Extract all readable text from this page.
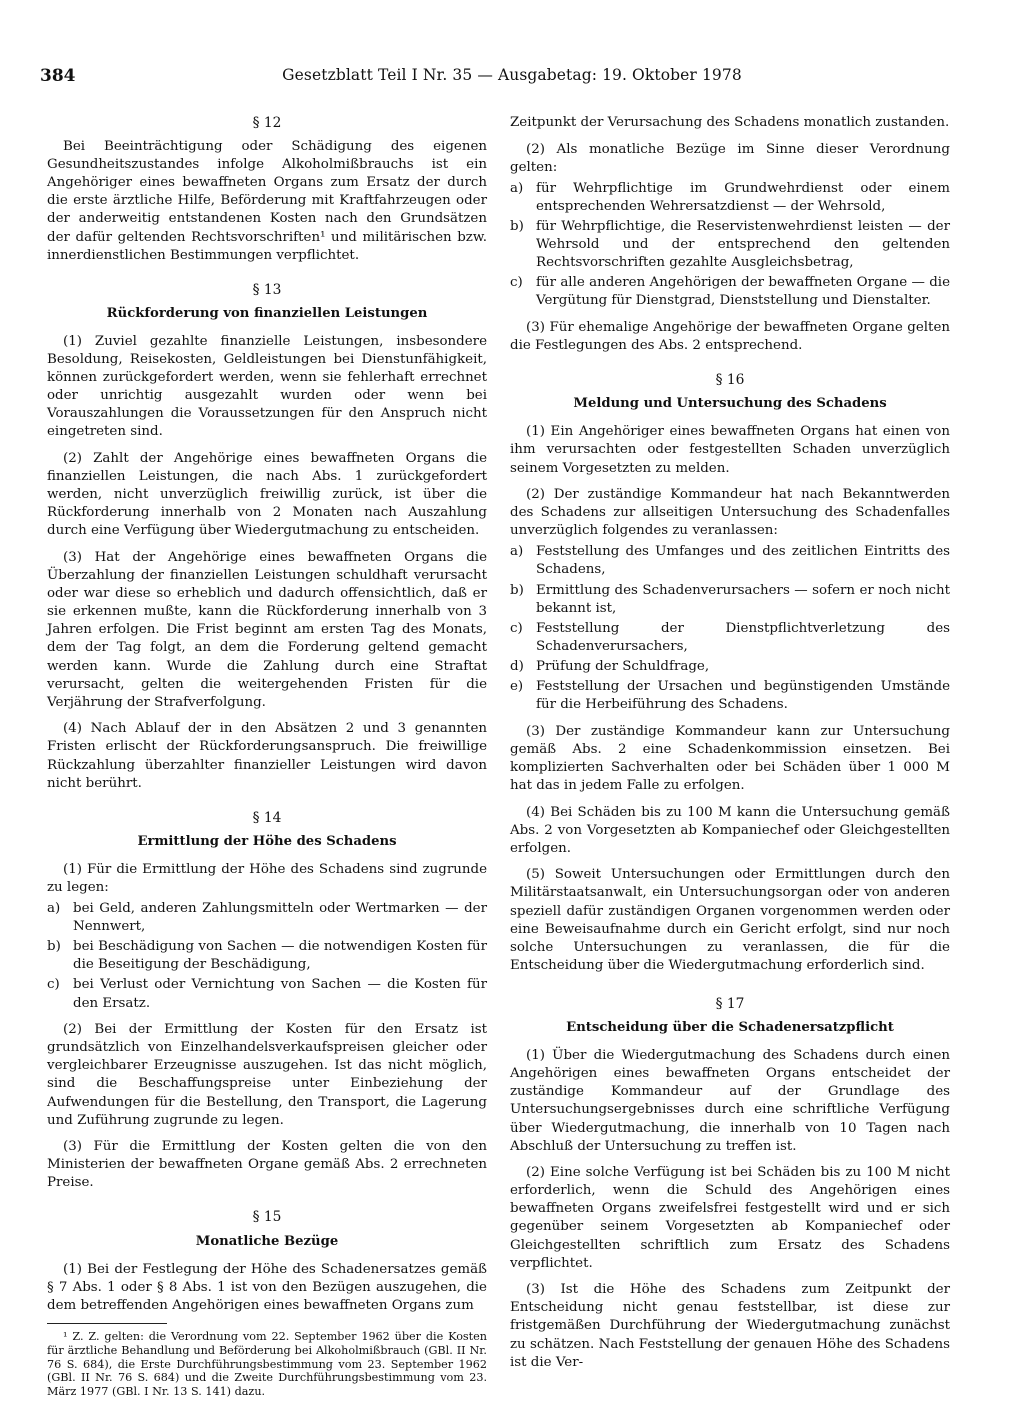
384	Gesetzblatt Teil I Nr. 35 — Ausgabetag: 19. Oktober 1978
§ 12

Bei Beeinträchtigung oder Schädigung des eigenen Gesundheitszustandes infolge Alkoholmißbrauchs ist ein Angehöriger eines bewaffneten Organs zum Ersatz der durch die erste ärztliche Hilfe, Beförderung mit Kraftfahrzeugen oder der anderweitig entstandenen Kosten nach den Grundsätzen der dafür geltenden Rechtsvorschriften¹ und militärischen bzw. innerdienstlichen Bestimmungen verpflichtet.

§ 13
Rückforderung von finanziellen Leistungen

(1) Zuviel gezahlte finanzielle Leistungen, insbesondere Besoldung, Reisekosten, Geldleistungen bei Dienstunfähigkeit, können zurückgefordert werden, wenn sie fehlerhaft errechnet oder unrichtig ausgezahlt wurden oder wenn bei Vorauszahlungen die Voraussetzungen für den Anspruch nicht eingetreten sind.

(2) Zahlt der Angehörige eines bewaffneten Organs die finanziellen Leistungen, die nach Abs. 1 zurückgefordert werden, nicht unverzüglich freiwillig zurück, ist über die Rückforderung innerhalb von 2 Monaten nach Auszahlung durch eine Verfügung über Wiedergutmachung zu entscheiden.

(3) Hat der Angehörige eines bewaffneten Organs die Überzahlung der finanziellen Leistungen schuldhaft verursacht oder war diese so erheblich und dadurch offensichtlich, daß er sie erkennen mußte, kann die Rückforderung innerhalb von 3 Jahren erfolgen. Die Frist beginnt am ersten Tag des Monats, dem der Tag folgt, an dem die Forderung geltend gemacht werden kann. Wurde die Zahlung durch eine Straftat verursacht, gelten die weitergehenden Fristen für die Verjährung der Strafverfolgung.

(4) Nach Ablauf der in den Absätzen 2 und 3 genannten Fristen erlischt der Rückforderungsanspruch. Die freiwillige Rückzahlung überzahlter finanzieller Leistungen wird davon nicht berührt.

§ 14
Ermittlung der Höhe des Schadens

(1) Für die Ermittlung der Höhe des Schadens sind zugrunde zu legen:

a) bei Geld, anderen Zahlungsmitteln oder Wertmarken — der Nennwert,
b) bei Beschädigung von Sachen — die notwendigen Kosten für die Beseitigung der Beschädigung,
c) bei Verlust oder Vernichtung von Sachen — die Kosten für den Ersatz.

(2) Bei der Ermittlung der Kosten für den Ersatz ist grundsätzlich von Einzelhandelsverkaufspreisen gleicher oder vergleichbarer Erzeugnisse auszugehen. Ist das nicht möglich, sind die Beschaffungspreise unter Einbeziehung der Aufwendungen für die Bestellung, den Transport, die Lagerung und Zuführung zugrunde zu legen.

(3) Für die Ermittlung der Kosten gelten die von den Ministerien der bewaffneten Organe gemäß Abs. 2 errechneten Preise.

§ 15
Monatliche Bezüge

(1) Bei der Festlegung der Höhe des Schadenersatzes gemäß § 7 Abs. 1 oder § 8 Abs. 1 ist von den Bezügen auszugehen, die dem betreffenden Angehörigen eines bewaffneten Organs zum

¹ Z. Z. gelten: die Verordnung vom 22. September 1962 über die Kosten für ärztliche Behandlung und Beförderung bei Alkoholmißbrauch (GBl. II Nr. 76 S. 684), die Erste Durchführungsbestimmung vom 23. September 1962 (GBl. II Nr. 76 S. 684) und die Zweite Durchführungsbestimmung vom 23. März 1977 (GBl. I Nr. 13 S. 141) dazu.

Zeitpunkt der Verursachung des Schadens monatlich zustanden.

(2) Als monatliche Bezüge im Sinne dieser Verordnung gelten:

a) für Wehrpflichtige im Grundwehrdienst oder einem entsprechenden Wehrersatzdienst — der Wehrsold,
b) für Wehrpflichtige, die Reservistenwehrdienst leisten — der Wehrsold und der entsprechend den geltenden Rechtsvorschriften gezahlte Ausgleichsbetrag,
c) für alle anderen Angehörigen der bewaffneten Organe — die Vergütung für Dienstgrad, Dienststellung und Dienstalter.

(3) Für ehemalige Angehörige der bewaffneten Organe gelten die Festlegungen des Abs. 2 entsprechend.

§ 16
Meldung und Untersuchung des Schadens

(1) Ein Angehöriger eines bewaffneten Organs hat einen von ihm verursachten oder festgestellten Schaden unverzüglich seinem Vorgesetzten zu melden.

(2) Der zuständige Kommandeur hat nach Bekanntwerden des Schadens zur allseitigen Untersuchung des Schadenfalles unverzüglich folgendes zu veranlassen:

a) Feststellung des Umfanges und des zeitlichen Eintritts des Schadens,
b) Ermittlung des Schadenverursachers — sofern er noch nicht bekannt ist,
c) Feststellung der Dienstpflichtverletzung des Schadenverursachers,
d) Prüfung der Schuldfrage,
e) Feststellung der Ursachen und begünstigenden Umstände für die Herbeiführung des Schadens.

(3) Der zuständige Kommandeur kann zur Untersuchung gemäß Abs. 2 eine Schadenkommission einsetzen. Bei komplizierten Sachverhalten oder bei Schäden über 1 000 M hat das in jedem Falle zu erfolgen.

(4) Bei Schäden bis zu 100 M kann die Untersuchung gemäß Abs. 2 von Vorgesetzten ab Kompaniechef oder Gleichgestellten erfolgen.

(5) Soweit Untersuchungen oder Ermittlungen durch den Militärstaatsanwalt, ein Untersuchungsorgan oder von anderen speziell dafür zuständigen Organen vorgenommen werden oder eine Beweisaufnahme durch ein Gericht erfolgt, sind nur noch solche Untersuchungen zu veranlassen, die für die Entscheidung über die Wiedergutmachung erforderlich sind.

§ 17
Entscheidung über die Schadenersatzpflicht

(1) Über die Wiedergutmachung des Schadens durch einen Angehörigen eines bewaffneten Organs entscheidet der zuständige Kommandeur auf der Grundlage des Untersuchungsergebnisses durch eine schriftliche Verfügung über Wiedergutmachung, die innerhalb von 10 Tagen nach Abschluß der Untersuchung zu treffen ist.

(2) Eine solche Verfügung ist bei Schäden bis zu 100 M nicht erforderlich, wenn die Schuld des Angehörigen eines bewaffneten Organs zweifelsfrei festgestellt wird und er sich gegenüber seinem Vorgesetzten ab Kompaniechef oder Gleichgestellten schriftlich zum Ersatz des Schadens verpflichtet.

(3) Ist die Höhe des Schadens zum Zeitpunkt der Entscheidung nicht genau feststellbar, ist diese zur fristgemäßen Durchführung der Wiedergutmachung zunächst zu schätzen. Nach Feststellung der genauen Höhe des Schadens ist die Ver-
